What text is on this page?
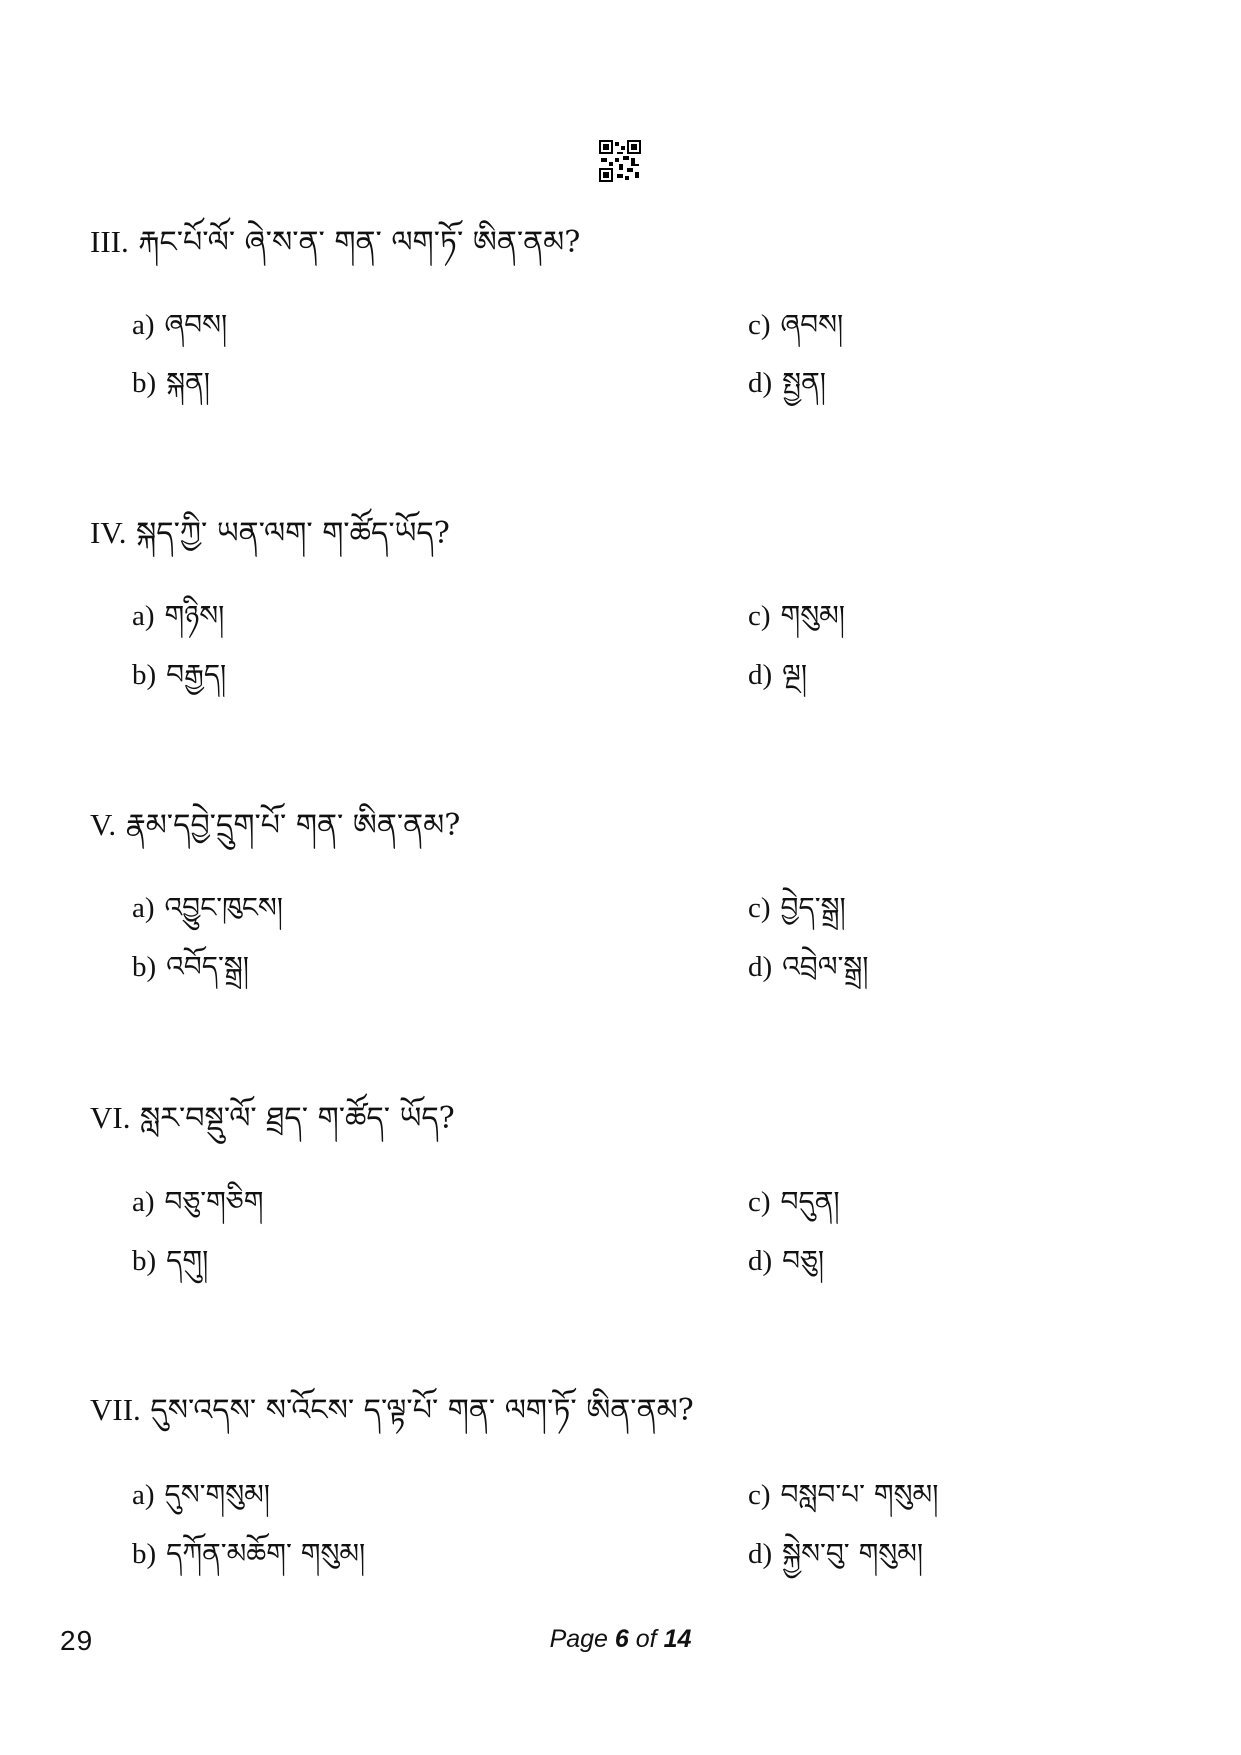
III. རྐང་པོ་ལོ་ ཞེ་ས་ན་ གན་ ལག་ཏོ་ ཨིན་ནམ?
a) ཞབས།
b) སྐན།
c) ཞབས།
d) སྤྱན།
IV. སྐད་ཀྱི་ ཡན་ལག་ ག་ཚོད་ཡོད?
a) གཉིས།
b) བརྒྱད།
c) གསུམ།
d) ལྔ།
V. རྣམ་དབྱེ་དྲུག་པོ་ གན་ ཨིན་ནམ?
a) འབྱུང་ཁུངས།
b) འབོད་སྒྲ།
c) བྱེད་སྒྲ།
d) འབྲེལ་སྒྲ།
VI. སླར་བསྡུ་ལོ་ ཐྲད་ ག་ཚོད་ ཡོད?
a) བཅུ་གཅིག
b) དགུ།
c) བདུན།
d) བཅུ།
VII. དུས་འདས་ ས་འོངས་ ད་ལྟ་པོ་ གན་ ལག་ཏོ་ ཨིན་ནམ?
a) དུས་གསུམ།
b) དཀོན་མཆོག་ གསུམ།
c) བསླབ་པ་ གསུམ།
d) སྐྱེས་བུ་ གསུམ།
29	Page 6 of 14
